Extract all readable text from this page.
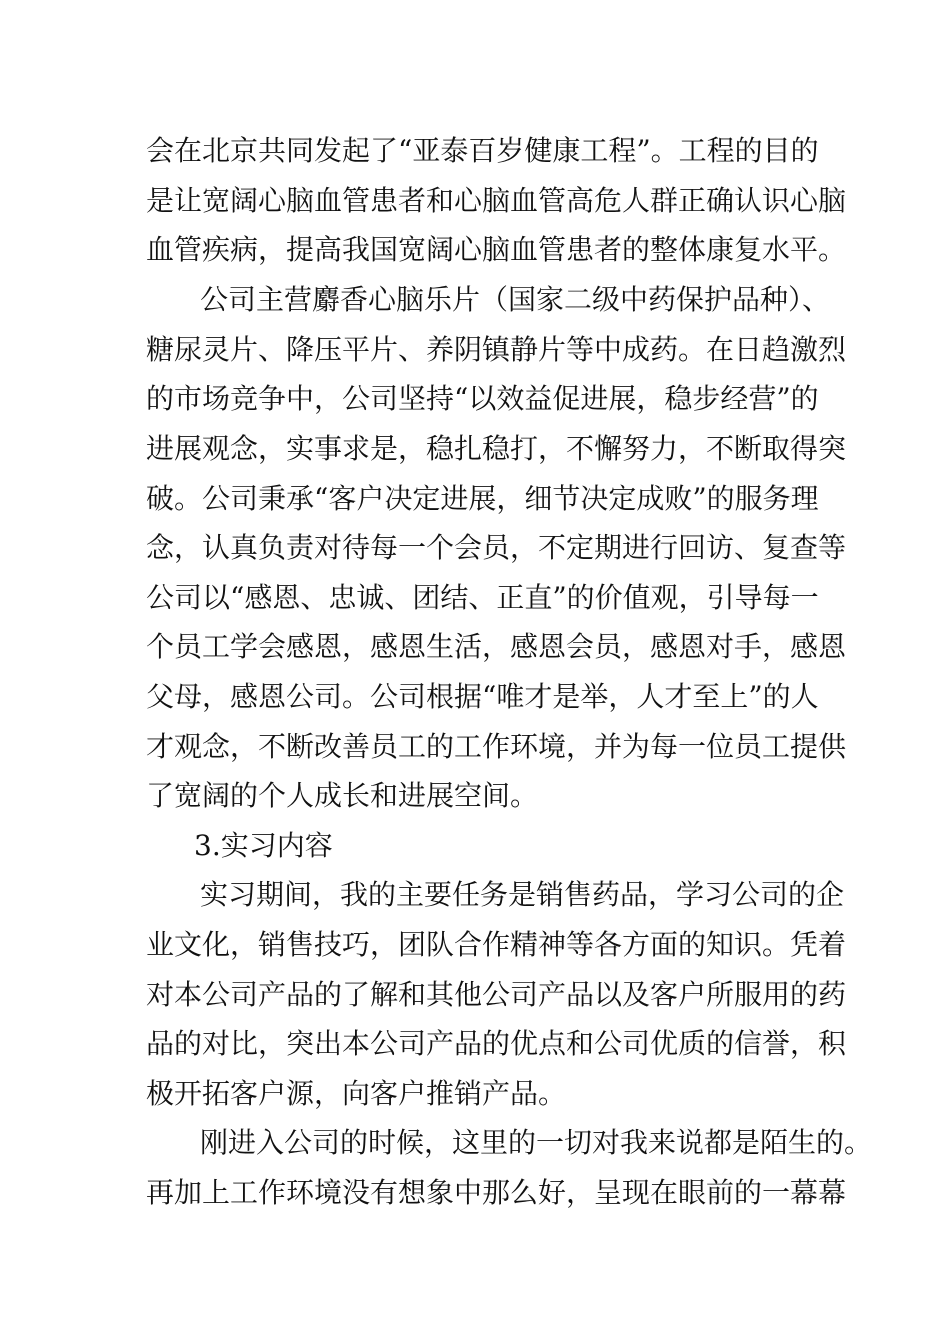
会在北京共同发起了“亚泰百岁健康工程”。工程的目的
是让宽阔心脑血管患者和心脑血管高危人群正确认识心脑
血管疾病，提高我国宽阔心脑血管患者的整体康复水平。
公司主营麝香心脑乐片（国家二级中药保护品种）、
糖尿灵片、降压平片、养阴镇静片等中成药。在日趋激烈
的市场竞争中，公司坚持“以效益促进展，稳步经营”的
进展观念，实事求是，稳扎稳打，不懈努力，不断取得突
破。公司秉承“客户决定进展，细节决定成败”的服务理
念，认真负责对待每一个会员，不定期进行回访、复查等
公司以“感恩、忠诚、团结、正直”的价值观，引导每一
个员工学会感恩，感恩生活，感恩会员，感恩对手，感恩
父母，感恩公司。公司根据“唯才是举，人才至上”的人
才观念，不断改善员工的工作环境，并为每一位员工提供
了宽阔的个人成长和进展空间。
3.实习内容
实习期间，我的主要任务是销售药品，学习公司的企
业文化，销售技巧，团队合作精神等各方面的知识。凭着
对本公司产品的了解和其他公司产品以及客户所服用的药
品的对比，突出本公司产品的优点和公司优质的信誉，积
极开拓客户源，向客户推销产品。
刚进入公司的时候，这里的一切对我来说都是陌生的。
再加上工作环境没有想象中那么好，呈现在眼前的一幕幕
